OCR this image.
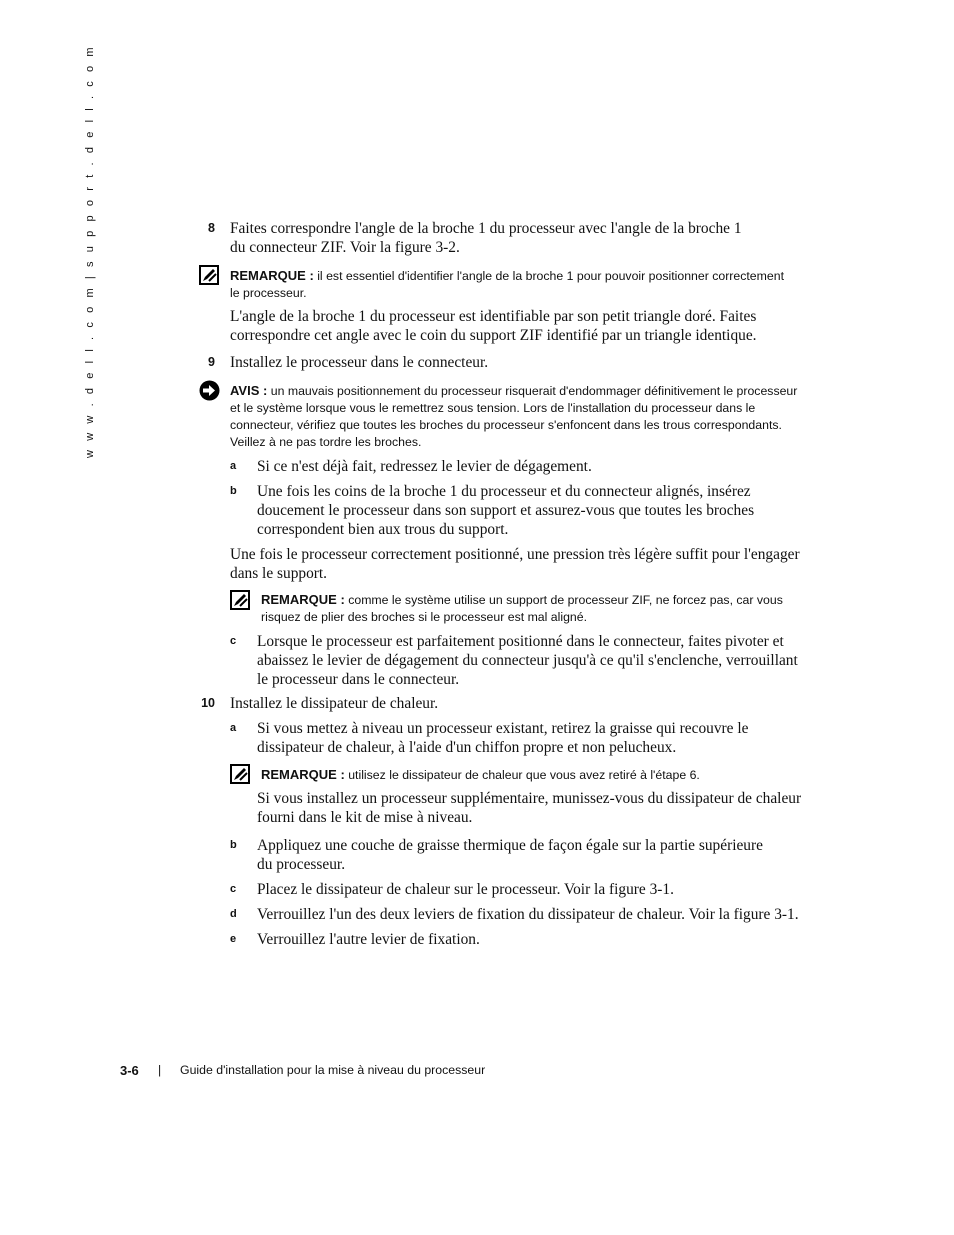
w w w . d e l l . c o m | s u p p o r t . d e l l . c o m	8 Faites correspondre l'angle de la broche 1 du processeur avec l'angle de la broche 1
du connecteur ZIF. Voir la figure 3-2.
REMARQUE : il est essentiel d'identifier l'angle de la broche 1 pour pouvoir positionner correctement
le processeur.
L'angle de la broche 1 du processeur est identifiable par son petit triangle doré. Faites
correspondre cet angle avec le coin du support ZIF identifié par un triangle identique.
9 Installez le processeur dans le connecteur.
AVIS : un mauvais positionnement du processeur risquerait d'endommager définitivement le processeur
et le système lorsque vous le remettrez sous tension. Lors de l'installation du processeur dans le
connecteur, vérifiez que toutes les broches du processeur s'enfoncent dans les trous correspondants.
Veillez à ne pas tordre les broches.
a Si ce n'est déjà fait, redressez le levier de dégagement.
b Une fois les coins de la broche 1 du processeur et du connecteur alignés, insérez
doucement le processeur dans son support et assurez-vous que toutes les broches
correspondent bien aux trous du support.
Une fois le processeur correctement positionné, une pression très légère suffit pour l'engager
dans le support.
REMARQUE : comme le système utilise un support de processeur ZIF, ne forcez pas, car vous
risquez de plier des broches si le processeur est mal aligné.
c Lorsque le processeur est parfaitement positionné dans le connecteur, faites pivoter et
abaissez le levier de dégagement du connecteur jusqu'à ce qu'il s'enclenche, verrouillant
le processeur dans le connecteur.
10 Installez le dissipateur de chaleur.
a Si vous mettez à niveau un processeur existant, retirez la graisse qui recouvre le
dissipateur de chaleur, à l'aide d'un chiffon propre et non pelucheux.
REMARQUE : utilisez le dissipateur de chaleur que vous avez retiré à l'étape 6.
Si vous installez un processeur supplémentaire, munissez-vous du dissipateur de chaleur
fourni dans le kit de mise à niveau.
b Appliquez une couche de graisse thermique de façon égale sur la partie supérieure
du processeur.
c Placez le dissipateur de chaleur sur le processeur. Voir la figure 3-1.
d Verrouillez l'un des deux leviers de fixation du dissipateur de chaleur. Voir la figure 3-1.
e Verrouillez l'autre levier de fixation.
3-6 | Guide d'installation pour la mise à niveau du processeur
